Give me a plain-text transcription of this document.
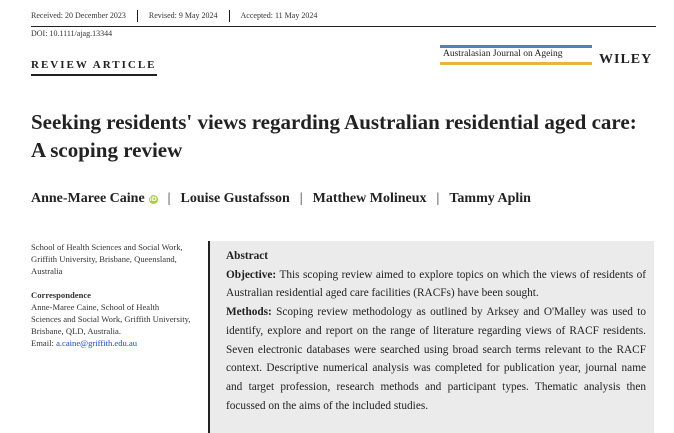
Received: 20 December 2023	Revised: 9 May 2024	Accepted: 11 May 2024
DOI: 10.1111/ajag.13344
Australasian Journal on Ageing	WILEY
REVIEW ARTICLE
Seeking residents' views regarding Australian residential aged care: A scoping review
Anne-Maree Caine iD | Louise Gustafsson | Matthew Molineux | Tammy Aplin
School of Health Sciences and Social Work, Griffith University, Brisbane, Queensland, Australia
Correspondence
Anne-Maree Caine, School of Health Sciences and Social Work, Griffith University, Brisbane, QLD, Australia.
Email: a.caine@griffith.edu.au
Abstract
Objective: This scoping review aimed to explore topics on which the views of residents of Australian residential aged care facilities (RACFs) have been sought.
Methods: Scoping review methodology as outlined by Arksey and O'Malley was used to identify, explore and report on the range of literature regarding views of RACF residents. Seven electronic databases were searched using broad search terms relevant to the RACF context. Descriptive numerical analysis was completed for publication year, journal name and target profession, research methods and participant types. Thematic analysis then focussed on the aims of the included studies.
